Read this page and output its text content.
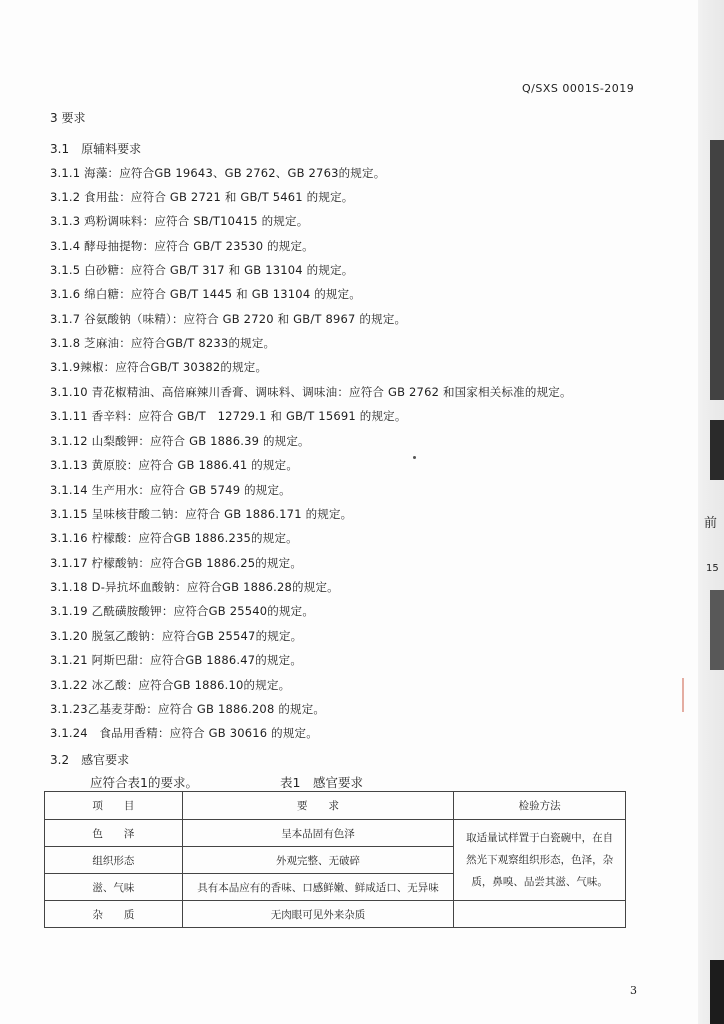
Q/SXS 0001S-2019
3 要求
3.1　原辅料要求
3.1.1 海藻：应符合GB 19643、GB 2762、GB 2763的规定。
3.1.2 食用盐：应符合 GB 2721 和 GB/T 5461 的规定。
3.1.3 鸡粉调味料：应符合 SB/T10415 的规定。
3.1.4 酵母抽提物：应符合 GB/T 23530 的规定。
3.1.5 白砂糖：应符合 GB/T 317 和 GB 13104 的规定。
3.1.6 绵白糖：应符合 GB/T 1445 和 GB 13104 的规定。
3.1.7 谷氨酸钠（味精）：应符合 GB 2720 和 GB/T 8967 的规定。
3.1.8 芝麻油：应符合GB/T 8233的规定。
3.1.9辣椒：应符合GB/T 30382的规定。
3.1.10 青花椒精油、高倍麻辣川香膏、调味料、调味油：应符合 GB 2762 和国家相关标准的规定。
3.1.11 香辛料：应符合 GB/T　12729.1 和 GB/T 15691 的规定。
3.1.12 山梨酸钾：应符合 GB 1886.39 的规定。
3.1.13 黄原胶：应符合 GB 1886.41 的规定。
3.1.14 生产用水：应符合 GB 5749 的规定。
3.1.15 呈味核苷酸二钠：应符合 GB 1886.171 的规定。
3.1.16 柠檬酸：应符合GB 1886.235的规定。
3.1.17 柠檬酸钠：应符合GB 1886.25的规定。
3.1.18 D-异抗坏血酸钠：应符合GB 1886.28的规定。
3.1.19 乙酰磺胺酸钾：应符合GB 25540的规定。
3.1.20 脱氢乙酸钠：应符合GB 25547的规定。
3.1.21 阿斯巴甜：应符合GB 1886.47的规定。
3.1.22 冰乙酸：应符合GB 1886.10的规定。
3.1.23乙基麦芽酚：应符合 GB 1886.208 的规定。
3.1.24　食品用香精：应符合 GB 30616 的规定。
3.2　感官要求
应符合表1的要求。	表1　感官要求
项　　目	要　　求	检验方法
色　　泽	呈本品固有色泽	取适量试样置于白瓷碗中，在自然光下观察组织形态，色泽，杂质，鼻嗅、品尝其滋、气味。
组织形态	外观完整、无破碎	
滋、气味	具有本品应有的香味、口感鲜嫩、鲜咸适口、无异味	
杂　　质	无肉眼可见外来杂质	
3
前
15
